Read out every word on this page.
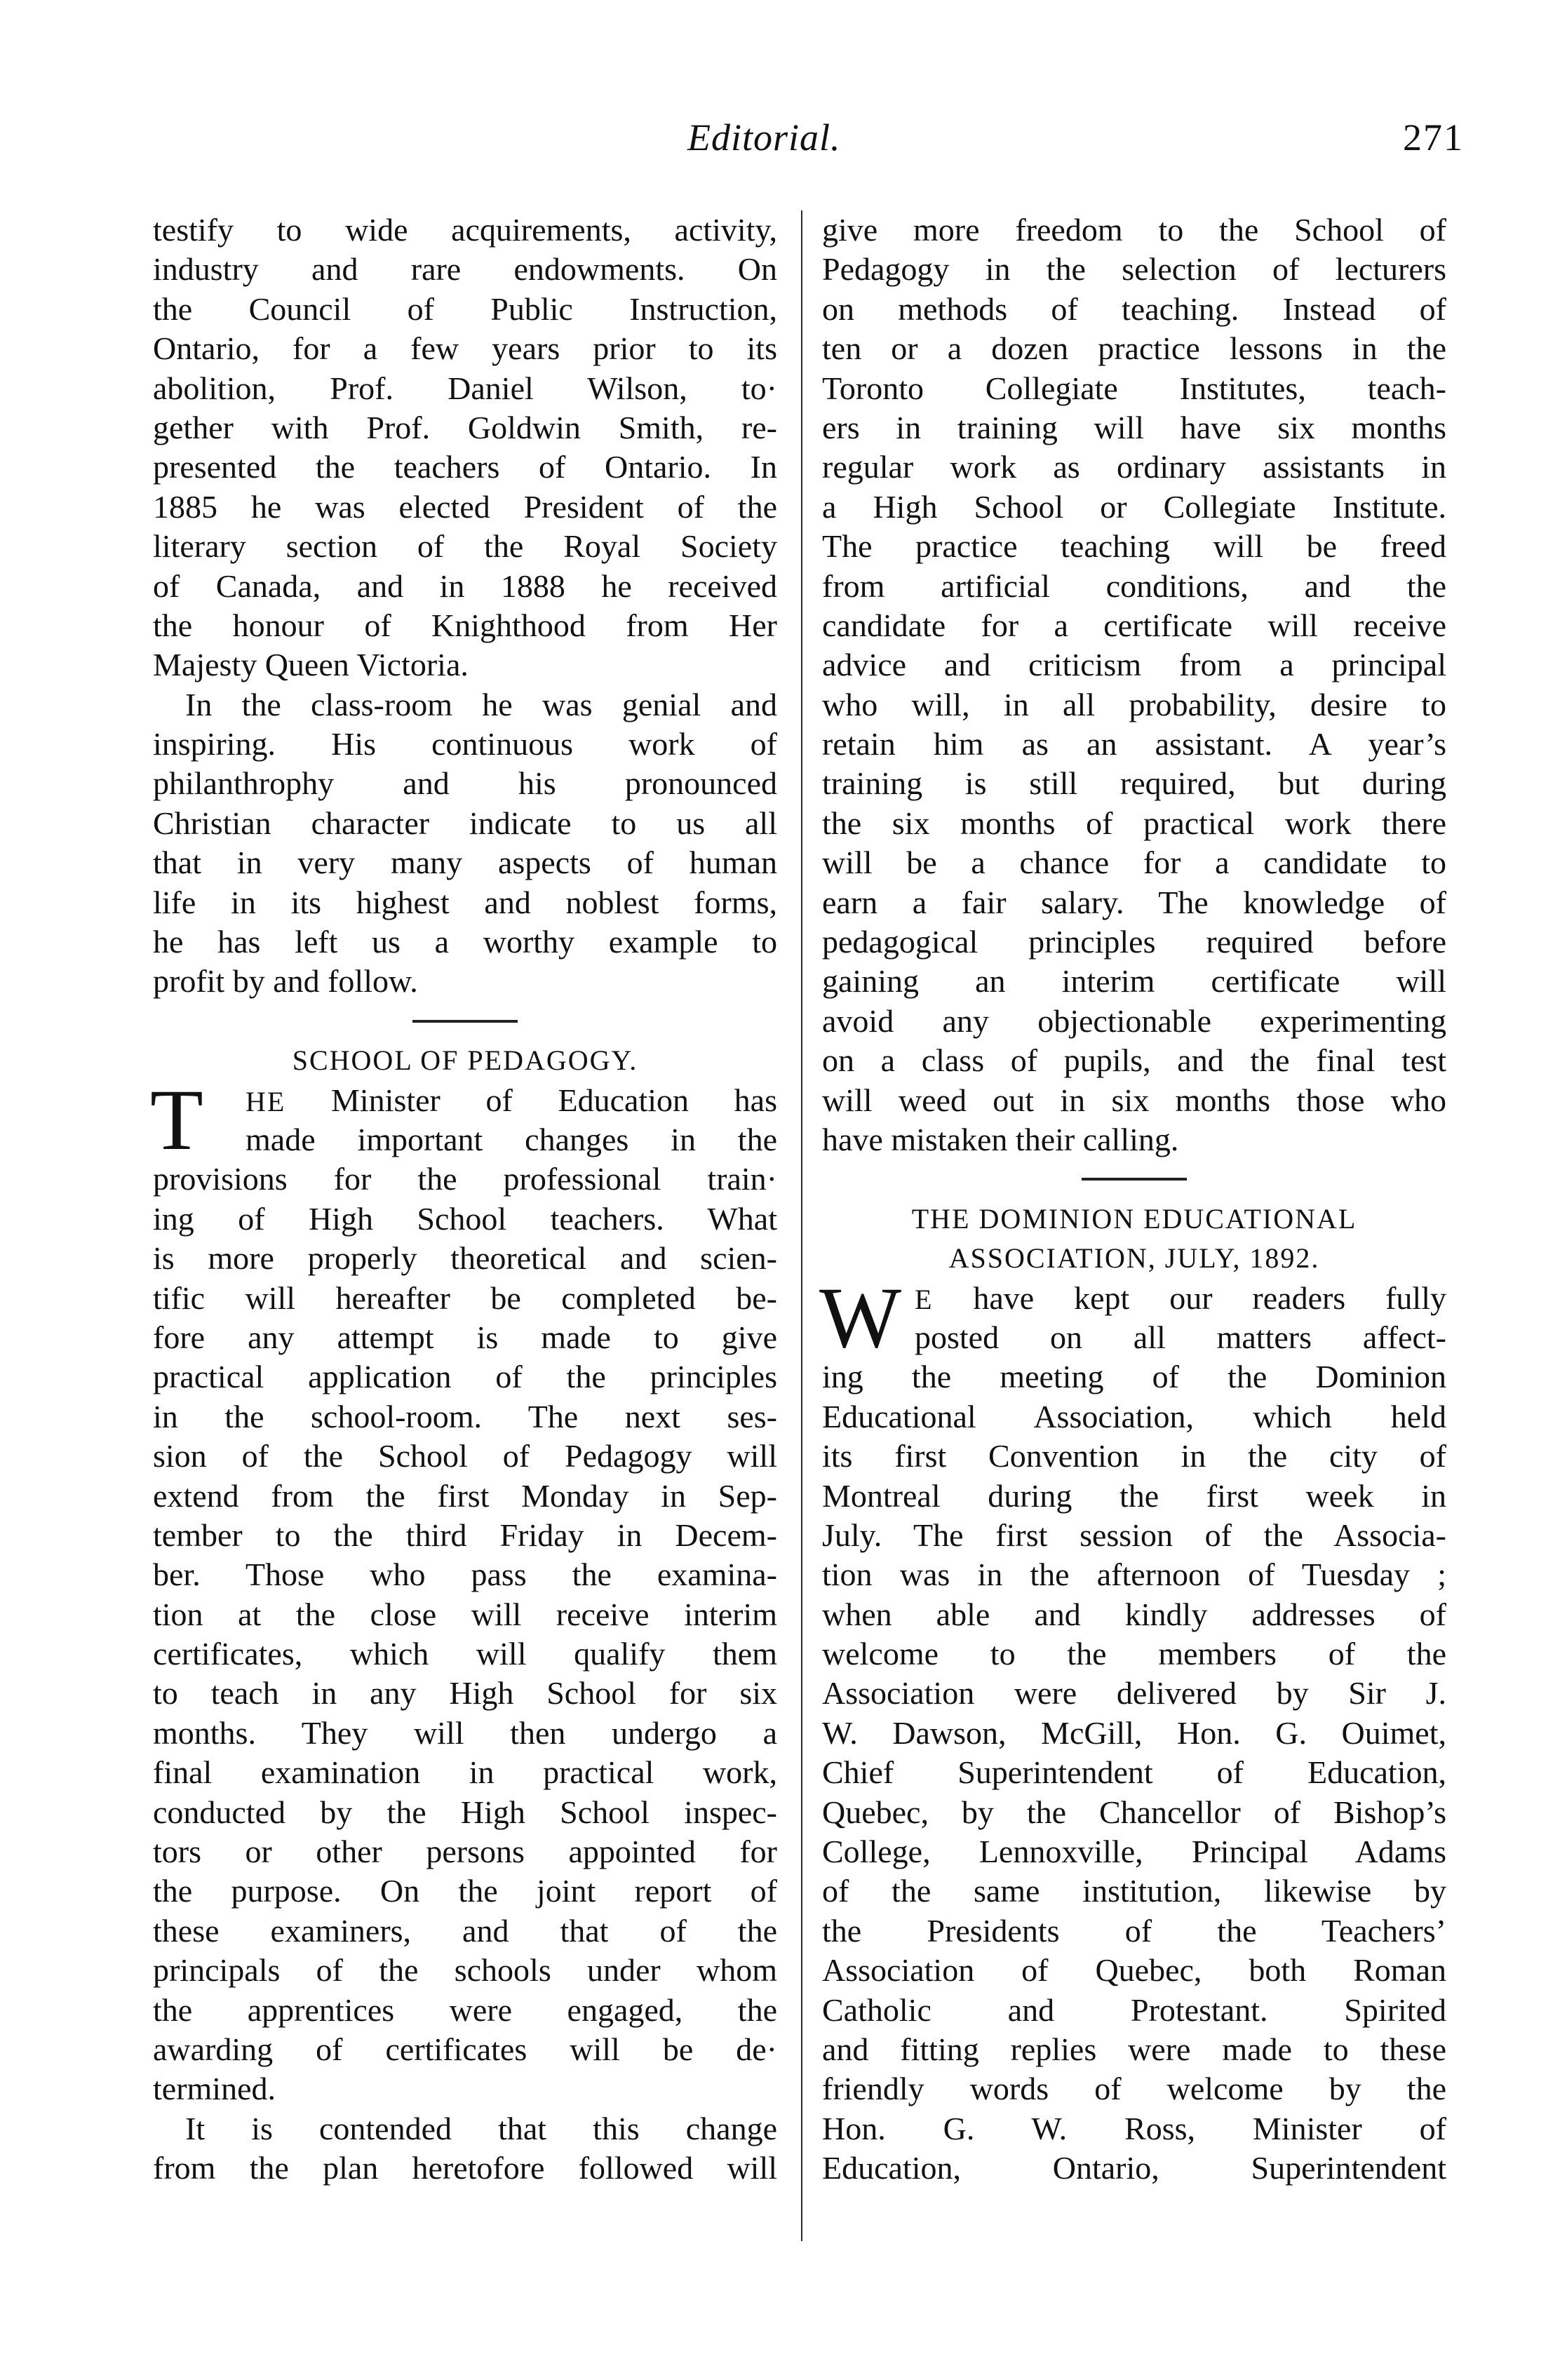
Editorial.	271
testify to wide acquirements, activity,
industry and rare endowments. On
the Council of Public Instruction,
Ontario, for a few years prior to its
abolition, Prof. Daniel Wilson, to·
gether with Prof. Goldwin Smith, re-
presented the teachers of Ontario. In
1885 he was elected President of the
literary section of the Royal Society
of Canada, and in 1888 he received
the honour of Knighthood from Her
Majesty Queen Victoria.
In the class-room he was genial and
inspiring. His continuous work of
philanthrophy and his pronounced
Christian character indicate to us all
that in very many aspects of human
life in its highest and noblest forms,
he has left us a worthy example to
profit by and follow.
SCHOOL OF PEDAGOGY.
T	HE Minister of Education has
made important changes in the
provisions for the professional train·
ing of High School teachers. What
is more properly theoretical and scien-
tific will hereafter be completed be-
fore any attempt is made to give
practical application of the principles
in the school-room. The next ses-
sion of the School of Pedagogy will
extend from the first Monday in Sep-
tember to the third Friday in Decem-
ber. Those who pass the examina-
tion at the close will receive interim
certificates, which will qualify them
to teach in any High School for six
months. They will then undergo a
final examination in practical work,
conducted by the High School inspec-
tors or other persons appointed for
the purpose. On the joint report of
these examiners, and that of the
principals of the schools under whom
the apprentices were engaged, the
awarding of certificates will be de·
termined.
It is contended that this change
from the plan heretofore followed will
give more freedom to the School of
Pedagogy in the selection of lecturers
on methods of teaching. Instead of
ten or a dozen practice lessons in the
Toronto Collegiate Institutes, teach-
ers in training will have six months
regular work as ordinary assistants in
a High School or Collegiate Institute.
The practice teaching will be freed
from artificial conditions, and the
candidate for a certificate will receive
advice and criticism from a principal
who will, in all probability, desire to
retain him as an assistant. A year’s
training is still required, but during
the six months of practical work there
will be a chance for a candidate to
earn a fair salary. The knowledge of
pedagogical principles required before
gaining an interim certificate will
avoid any objectionable experimenting
on a class of pupils, and the final test
will weed out in six months those who
have mistaken their calling.
THE DOMINION EDUCATIONAL
ASSOCIATION, JULY, 1892.
W E have kept our readers fully
posted on all matters affect-
ing the meeting of the Dominion
Educational Association, which held
its first Convention in the city of
Montreal during the first week in
July. The first session of the Associa-
tion was in the afternoon of Tuesday ;
when able and kindly addresses of
welcome to the members of the
Association were delivered by Sir J.
W. Dawson, McGill, Hon. G. Ouimet,
Chief Superintendent of Education,
Quebec, by the Chancellor of Bishop’s
College, Lennoxville, Principal Adams
of the same institution, likewise by
the Presidents of the Teachers’
Association of Quebec, both Roman
Catholic and Protestant. Spirited
and fitting replies were made to these
friendly words of welcome by the
Hon. G. W. Ross, Minister of
Education, Ontario, Superintendent
